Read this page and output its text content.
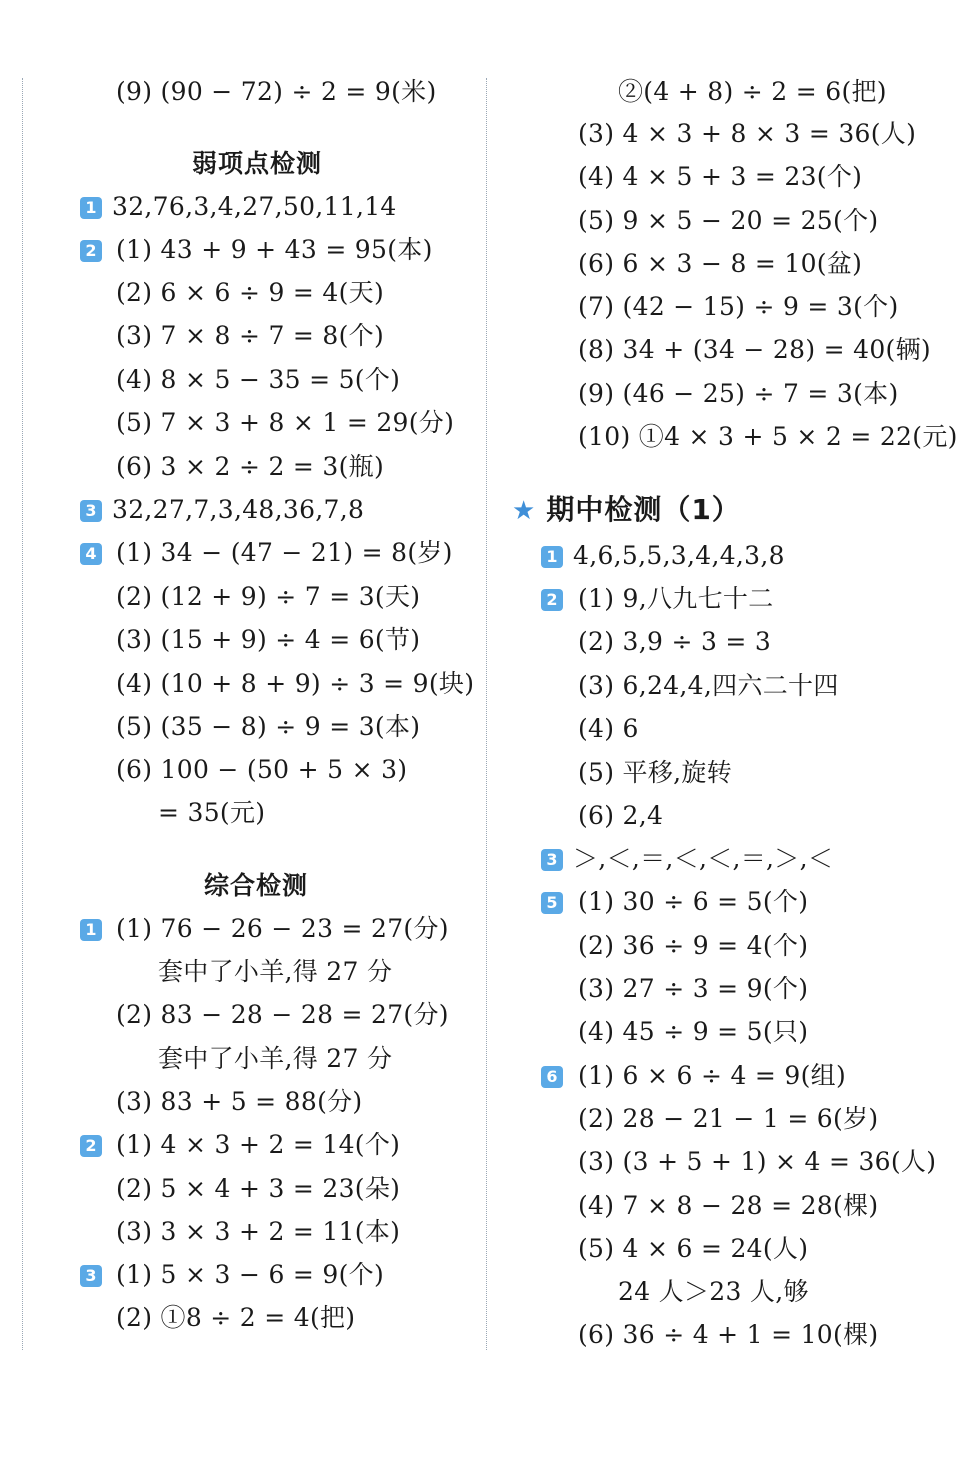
(9) (90 − 72) ÷ 2 = 9(米)
弱项点检测
1 32,76,3,4,27,50,11,14
2 (1) 43 + 9 + 43 = 95(本)
(2) 6 × 6 ÷ 9 = 4(天)
(3) 7 × 8 ÷ 7 = 8(个)
(4) 8 × 5 − 35 = 5(个)
(5) 7 × 3 + 8 × 1 = 29(分)
(6) 3 × 2 ÷ 2 = 3(瓶)
3 32,27,7,3,48,36,7,8
4 (1) 34 − (47 − 21) = 8(岁)
(2) (12 + 9) ÷ 7 = 3(天)
(3) (15 + 9) ÷ 4 = 6(节)
(4) (10 + 8 + 9) ÷ 3 = 9(块)
(5) (35 − 8) ÷ 9 = 3(本)
(6) 100 − (50 + 5 × 3)
= 35(元)
综合检测
1 (1) 76 − 26 − 23 = 27(分)
套中了小羊,得 27 分
(2) 83 − 28 − 28 = 27(分)
套中了小羊,得 27 分
(3) 83 + 5 = 88(分)
2 (1) 4 × 3 + 2 = 14(个)
(2) 5 × 4 + 3 = 23(朵)
(3) 3 × 3 + 2 = 11(本)
3 (1) 5 × 3 − 6 = 9(个)
(2) ①8 ÷ 2 = 4(把)
②(4 + 8) ÷ 2 = 6(把)
(3) 4 × 3 + 8 × 3 = 36(人)
(4) 4 × 5 + 3 = 23(个)
(5) 9 × 5 − 20 = 25(个)
(6) 6 × 3 − 8 = 10(盆)
(7) (42 − 15) ÷ 9 = 3(个)
(8) 34 + (34 − 28) = 40(辆)
(9) (46 − 25) ÷ 7 = 3(本)
(10) ①4 × 3 + 5 × 2 = 22(元)
★ 期中检测（1）
1 4,6,5,5,3,4,4,3,8
2 (1) 9,八九七十二
(2) 3,9 ÷ 3 = 3
(3) 6,24,4,四六二十四
(4) 6
(5) 平移,旋转
(6) 2,4
3 ＞,＜,＝,＜,＜,＝,＞,＜
5 (1) 30 ÷ 6 = 5(个)
(2) 36 ÷ 9 = 4(个)
(3) 27 ÷ 3 = 9(个)
(4) 45 ÷ 9 = 5(只)
6 (1) 6 × 6 ÷ 4 = 9(组)
(2) 28 − 21 − 1 = 6(岁)
(3) (3 + 5 + 1) × 4 = 36(人)
(4) 7 × 8 − 28 = 28(棵)
(5) 4 × 6 = 24(人)
24 人＞23 人,够
(6) 36 ÷ 4 + 1 = 10(棵)
